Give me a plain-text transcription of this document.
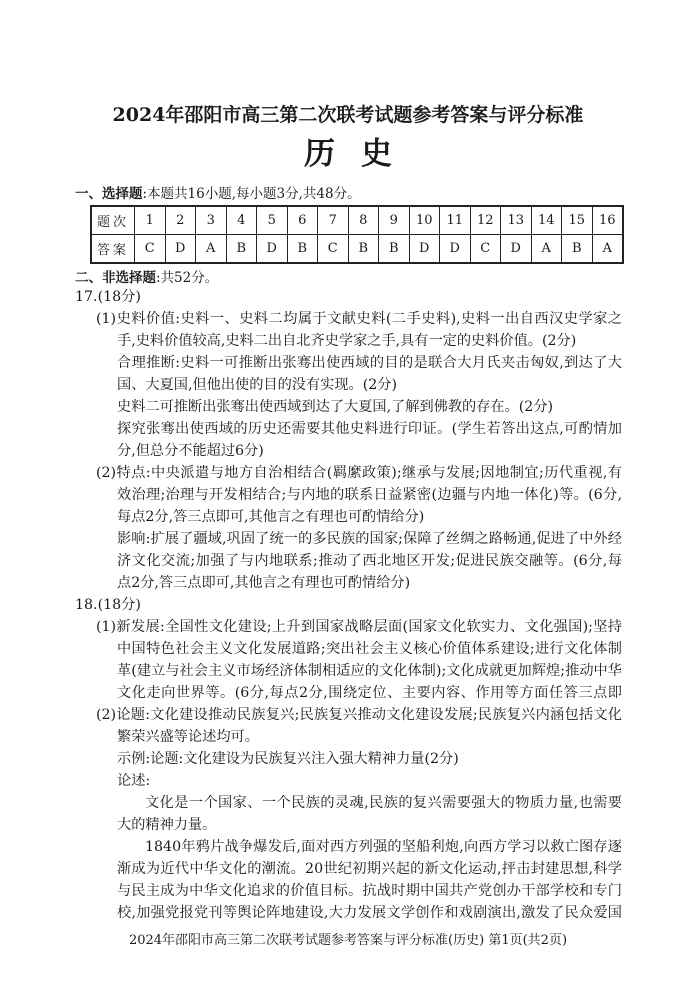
2024年邵阳市高三第二次联考试题参考答案与评分标准
历史
一、选择题:本题共16小题,每小题3分,共48分。
题次	1	2	3	4	5	6	7	8	9	10	11	12	13	14	15	16
答案	C	D	A	B	D	B	C	B	B	D	D	C	D	A	B	A
二、非选择题:共52分。
17.(18分)
(1)史料价值:史料一、史料二均属于文献史料(二手史料),史料一出自西汉史学家之
手,史料价值较高,史料二出自北齐史学家之手,具有一定的史料价值。(2分)
合理推断:史料一可推断出张骞出使西域的目的是联合大月氏夹击匈奴,到达了大
国、大夏国,但他出使的目的没有实现。(2分)
史料二可推断出张骞出使西域到达了大夏国,了解到佛教的存在。(2分)
探究张骞出使西域的历史还需要其他史料进行印证。(学生若答出这点,可酌情加
分,但总分不能超过6分)
(2)特点:中央派遣与地方自治相结合(羁縻政策);继承与发展;因地制宜;历代重视,有
效治理;治理与开发相结合;与内地的联系日益紧密(边疆与内地一体化)等。(6分,
每点2分,答三点即可,其他言之有理也可酌情给分)
影响:扩展了疆域,巩固了统一的多民族的国家;保障了丝绸之路畅通,促进了中外经
济文化交流;加强了与内地联系;推动了西北地区开发;促进民族交融等。(6分,每
点2分,答三点即可,其他言之有理也可酌情给分)
18.(18分)
(1)新发展:全国性文化建设;上升到国家战略层面(国家文化软实力、文化强国);坚持
中国特色社会主义文化发展道路;突出社会主义核心价值体系建设;进行文化体制
革(建立与社会主义市场经济体制相适应的文化体制);文化成就更加辉煌;推动中华
文化走向世界等。(6分,每点2分,围绕定位、主要内容、作用等方面任答三点即
(2)论题:文化建设推动民族复兴;民族复兴推动文化建设发展;民族复兴内涵包括文化
繁荣兴盛等论述均可。
示例:论题:文化建设为民族复兴注入强大精神力量(2分)
论述:
文化是一个国家、一个民族的灵魂,民族的复兴需要强大的物质力量,也需要
大的精神力量。
1840年鸦片战争爆发后,面对西方列强的坚船利炮,向西方学习以救亡图存逐
渐成为近代中华文化的潮流。20世纪初期兴起的新文化运动,抨击封建思想,科学
与民主成为中华文化追求的价值目标。抗战时期中国共产党创办干部学校和专门
校,加强党报党刊等舆论阵地建设,大力发展文学创作和戏剧演出,激发了民众爱国
2024年邵阳市高三第二次联考试题参考答案与评分标准(历史) 第1页(共2页)
